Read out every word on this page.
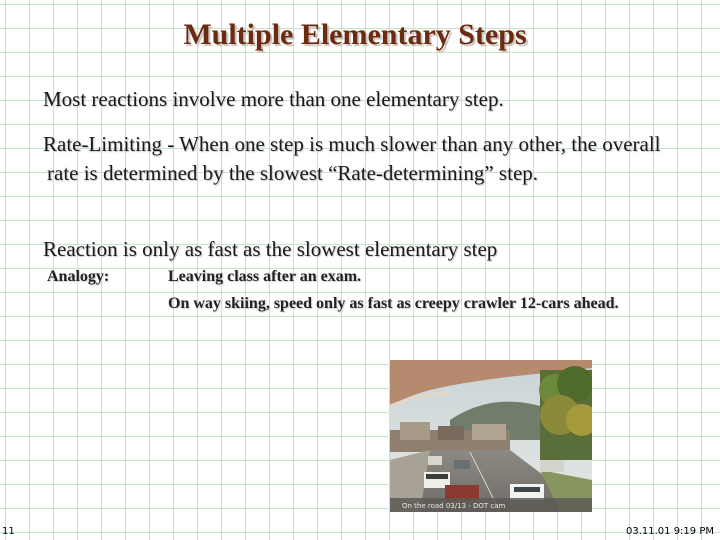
Multiple Elementary Steps
Most reactions involve more than one elementary step.
Rate-Limiting - When one step is much slower than any other, the overall rate is determined by the slowest “Rate-determining” step.
Reaction is only as fast as the slowest elementary step
Analogy:	Leaving class after an exam.
On way skiing, speed only as fast as creepy crawler 12-cars ahead.
On the road 03/13 - DOT cam
11	03.11.01 9:19 PM
